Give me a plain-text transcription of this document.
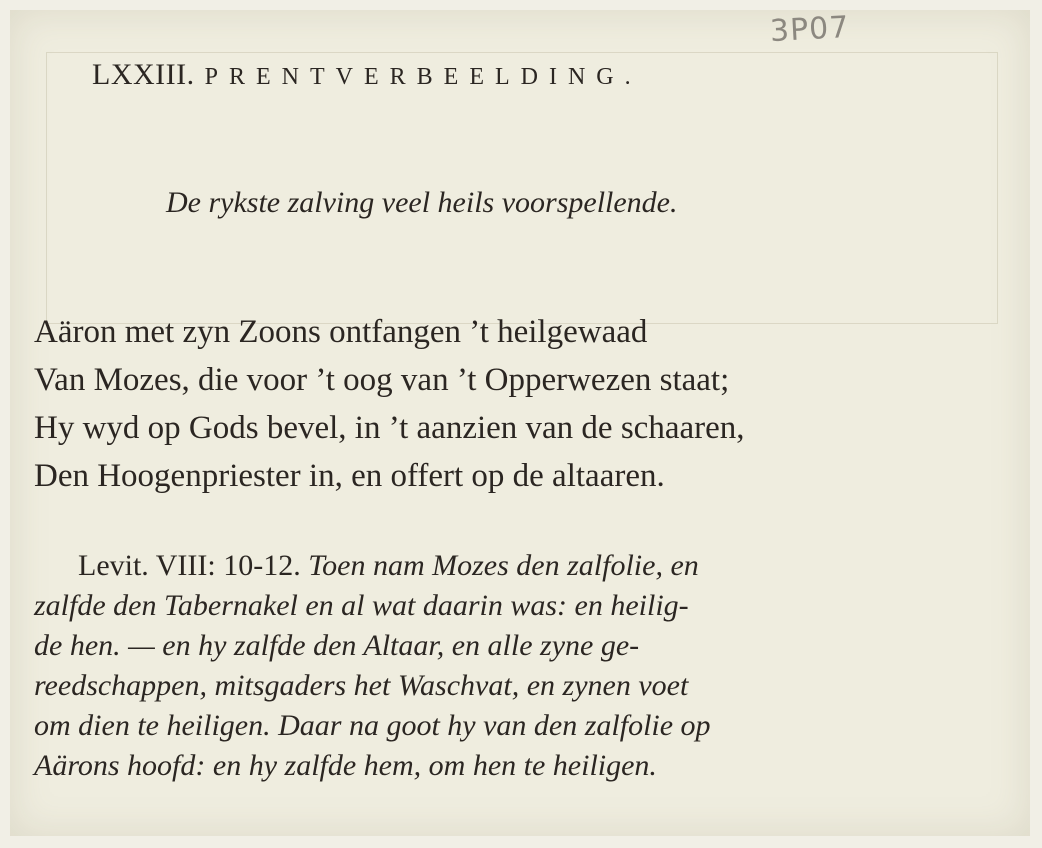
3P07
LXXIII. PRENTVERBEELDING.
De rykste zalving veel heils voorspellende.
Aäron met zyn Zoons ontfangen ’t heilgewaad
Van Mozes, die voor ’t oog van ’t Opperwezen staat;
Hy wyd op Gods bevel, in ’t aanzien van de schaaren,
Den Hoogenpriester in, en offert op de altaaren.
Levit. VIII: 10-12. Toen nam Mozes den zalfolie, en
zalfde den Tabernakel en al wat daarin was: en heilig-
de hen. — en hy zalfde den Altaar, en alle zyne ge-
reedschappen, mitsgaders het Waschvat, en zynen voet
om dien te heiligen. Daar na goot hy van den zalfolie op
Aärons hoofd: en hy zalfde hem, om hen te heiligen.
